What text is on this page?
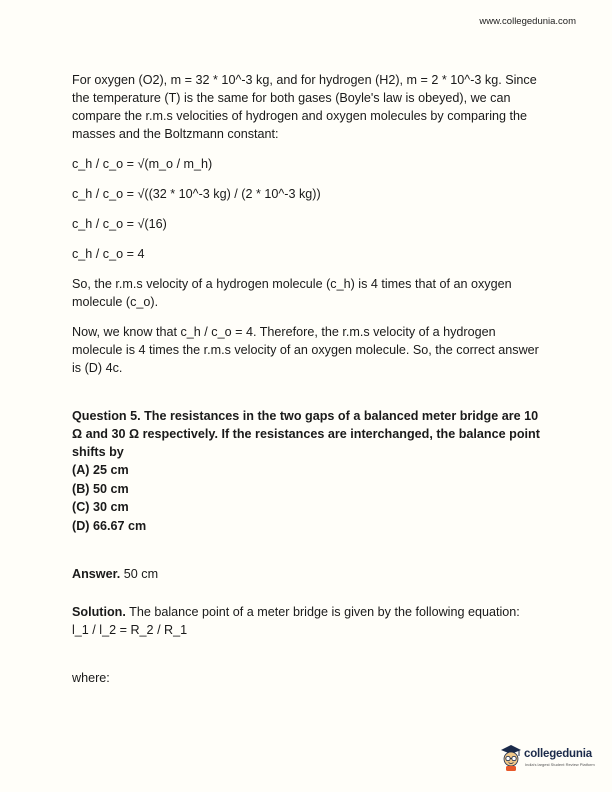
www.collegedunia.com

For oxygen (O2), m = 32 * 10^-3 kg, and for hydrogen (H2), m = 2 * 10^-3 kg. Since the temperature (T) is the same for both gases (Boyle's law is obeyed), we can compare the r.m.s velocities of hydrogen and oxygen molecules by comparing the masses and the Boltzmann constant:

c_h / c_o = √(m_o / m_h)

c_h / c_o = √((32 * 10^-3 kg) / (2 * 10^-3 kg))

c_h / c_o = √(16)

c_h / c_o = 4

So, the r.m.s velocity of a hydrogen molecule (c_h) is 4 times that of an oxygen molecule (c_o).

Now, we know that c_h / c_o = 4. Therefore, the r.m.s velocity of a hydrogen molecule is 4 times the r.m.s velocity of an oxygen molecule. So, the correct answer is (D) 4c.

Question 5. The resistances in the two gaps of a balanced meter bridge are 10 Ω and 30 Ω respectively. If the resistances are interchanged, the balance point shifts by

(A) 25 cm
(B) 50 cm
(C) 30 cm
(D) 66.67 cm

Answer. 50 cm

Solution. The balance point of a meter bridge is given by the following equation:

l_1 / l_2 = R_2 / R_1

where:

collegedunia
India's largest Student Review Platform
